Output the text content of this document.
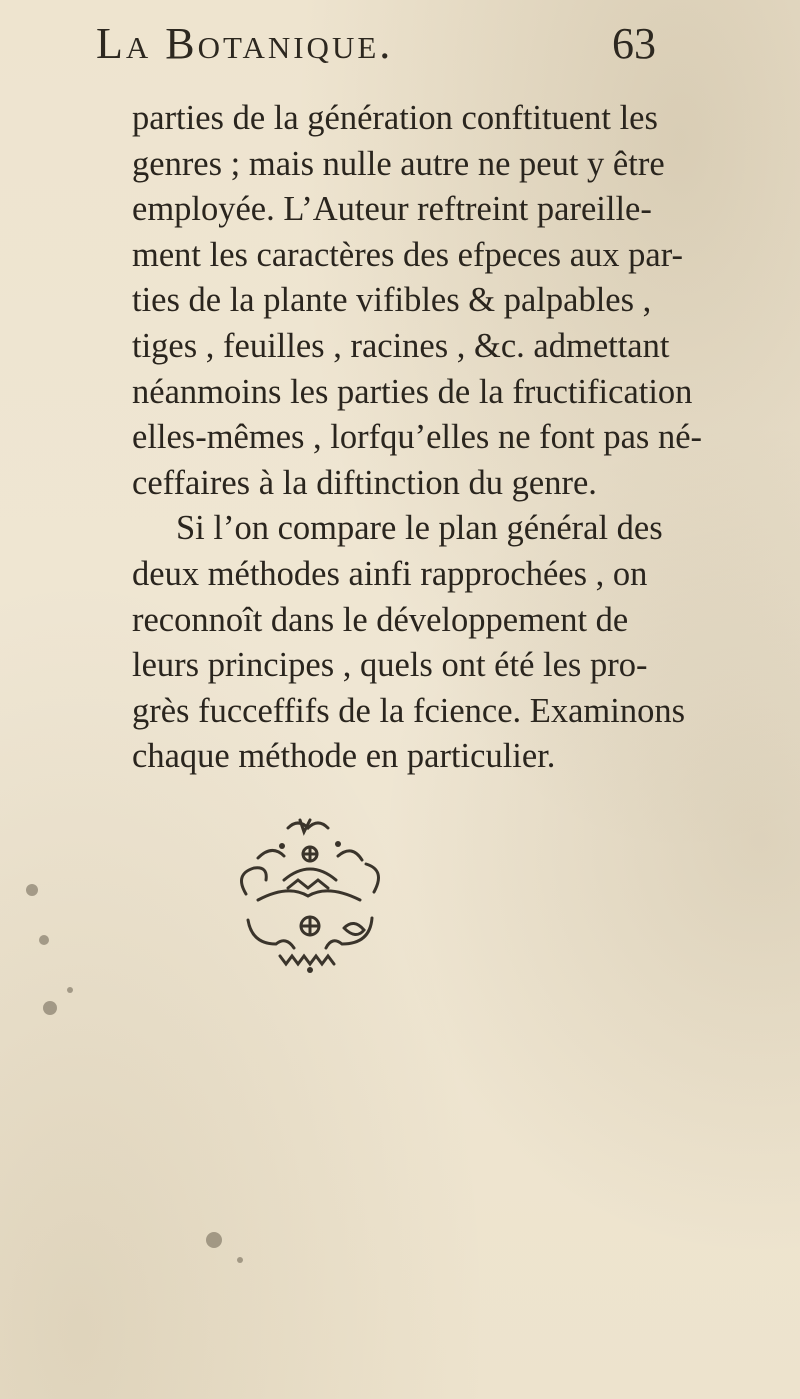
La Botanique.	63
parties de la génération conftituent les
genres ; mais nulle autre ne peut y être
employée. L’Auteur reftreint pareille-
ment les caractères des efpeces aux par-
ties de la plante vifibles & palpables ,
tiges , feuilles , racines , &c. admettant
néanmoins les parties de la fructification
elles-mêmes , lorfqu’elles ne font pas né-
ceffaires à la diftinction du genre.
Si l’on compare le plan général des
deux méthodes ainfi rapprochées , on
reconnoît dans le développement de
leurs principes , quels ont été les pro-
grès fucceffifs de la fcience. Examinons
chaque méthode en particulier.
